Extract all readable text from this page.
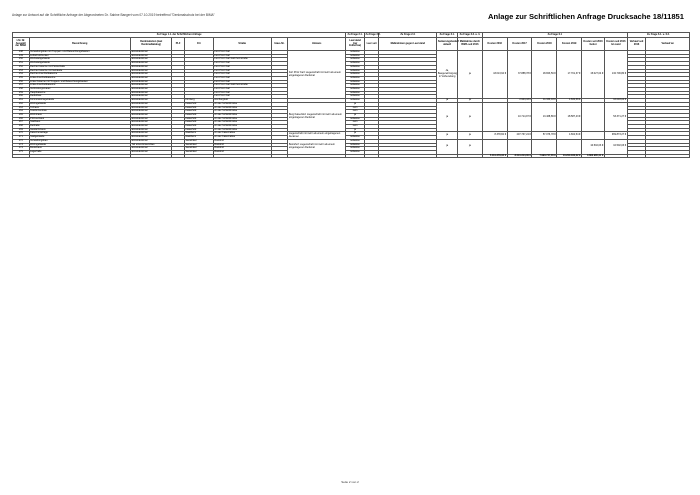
Anlage zur Antwort auf die Schriftliche Anfrage der Abgeordneten Dr. Sabine Bangert vom 07.10.2019 betreffend "Denkmalschutz bei der BIMA"	Anlage zur Schriftlichen Anfrage Drucksache 18/11851
Zu Frage 1.1. der Schriftlichen Anfrage								Zu Frage 2.1.	Zu Frage 2.2.	Zu Frage 2.3.	Zu Frage 3.1.	Zu Frage 3.3. u. 4.	Zu Frage 6.1						Zu Frage 6.1. u. 6.2.	
Lfd. Nr. Auswahl der BIMA	Bezeichnung	Denkmalarten (laut Denkmalkatalog)	PLZ	Ort	Straße	Haus-Nr.	Hinweis	Leerstand (zur Zeitachse)	Leer seit	Maßnahmen gegen Leerstand	Sanierungsbedarf aktuell	Maßnahme durch BIMA seit 2016	Kosten 2016	Kosten 2017	Kosten 2018	Kosten 2019	Kosten seit 2016 Gebot	Kosten seit 2016 Ist-Land	Verkauf seit 2016	Verkauf an
148	Verwaltungsbau mit Treppen- und Beleuchtungsbauten	Einzeldenkmal			Fort Prinz Karl		Fort Prinz Karl: Liegenschaft mit mehr als einem eingetragenen Denkmal	teilweise			Ja, Baugenehmigung in Vorbereitung	ja	43.613,94 €	37.888,78 €	18.823,56 €	17.701,37 €	15.027,04 €	132.706,80 €		
149	Luftschutzbunker	Einzeldenkmal			Fort Prinz Karl			teilweise												
150	Werkstattgebäude	Einzeldenkmal			Fort Prinz Karl/ Eichhornstraße			teilweise												
151	Werkstattgebäude	Einzeldenkmal			Fort Prinz Karl			teilweise												
152	Rechte Kaserne mit Pionierhalle	Einzeldenkmal			Fort Prinz Karl			teilweise												
153	Rechte Kaserne mit Gebäude	Einzeldenkmal			Fort Prinz Karl			teilweise												
154	Rechte Anschlußkaserne	Einzeldenkmal			Fort Prinz Karl			teilweise												
155	Linke Anschlußkaserne	Einzeldenkmal			Fort Prinz Karl			teilweise												
156	Linke Kaserne mit Treppen- und Beleuchtungsbauten	Einzeldenkmal			Fort Prinz Karl			teilweise												
157	Linke Anschlußkaserne	Einzeldenkmal			Fort Prinz Karl/ Eichhornstraße			teilweise												
158	Verbindungsmauer	Einzeldenkmal			Fort Prinz Karl			teilweise												
159	Hauptkaserne	Einzeldenkmal			Fort Prinz Karl			teilweise												
160	Reduitbau	Einzeldenkmal			Fort Prinz Karl			teilweise												
161	Kommissionsgebäude	Einzeldenkmal		Kirnberg	Am Burgfeld			teilweise			ja	ja		2.924,43 €	11.336,03 €	1.832,58 €		16.093,04 €		
162	Wohngebäude	Einzeldenkmal		Kaiserfeld	An der Schloßbrücke		Burg Kaiserfeld: Liegenschaft mit mehr als einem eingetragenen Denkmal	ja			ja	ja		10.714,97 €	13.468,86 €	18.587,43 €		53.371,27 €		
163	Torhaus	Einzeldenkmal		Kaiserfeld	An der Schloßbrücke			nein												
164	Telefonzentrale	Einzeldenkmal		Kaiserfeld	An der Schloßbrücke			nein												
165	Wohnhaus	Einzeldenkmal		Kaiserfeld	An der Schloßbrücke			ja												
166	Pförtnerhaus	Einzeldenkmal		Kaiserfeld	An der Schloßbrücke			teilweise												
167	Stallhaus	Einzeldenkmal		Kaiserfeld	An der Schloßbrücke			nein												
168	Reithalle	Einzeldenkmal		Kaiserfeld	An der Schloßbrücke			nein												
169	Gewächshaus	Einzeldenkmal		Kaiserfeld	An der Schloßbrücke			ja												
170	Kasernenanlage	Einzeldenkmal		Waldheim	An der Kasernallee		Liegenschaft mit mehr als einem eingetragenen Denkmal	ja			ja	ja	8.378,84 €	297.767,24 €	57.076,78 €	4.662,54 €		969.873,27 €		
171	Stallgebäude	Einzeldenkmal		Waldheim	An der Kasernallee			teilweise												
172	Verwaltungsbau	Einzeldenkmal		Seewinkel	Bootshof		Bootshof: Liegenschaft mit mehr als einem eingetragenen Denkmal	teilweise			ja	ja					10.502,03 €	10.502,03 €		
173	Wohngebäude	Teil eines Ensembles		Seewinkel	Bootshof			teilweise												
174	Bootshaus	Einzeldenkmal		Seewinkel	Bootshof			teilweise												
175	Lagerhalle	Einzeldenkmal		Seewinkel	Bootshof			teilweise												
													5.011.278,34 €	8.501.314,00 €	7.990.727,65 €	10.200.032,22 €	4.863.985,01 €			
Seite 2 von 2
